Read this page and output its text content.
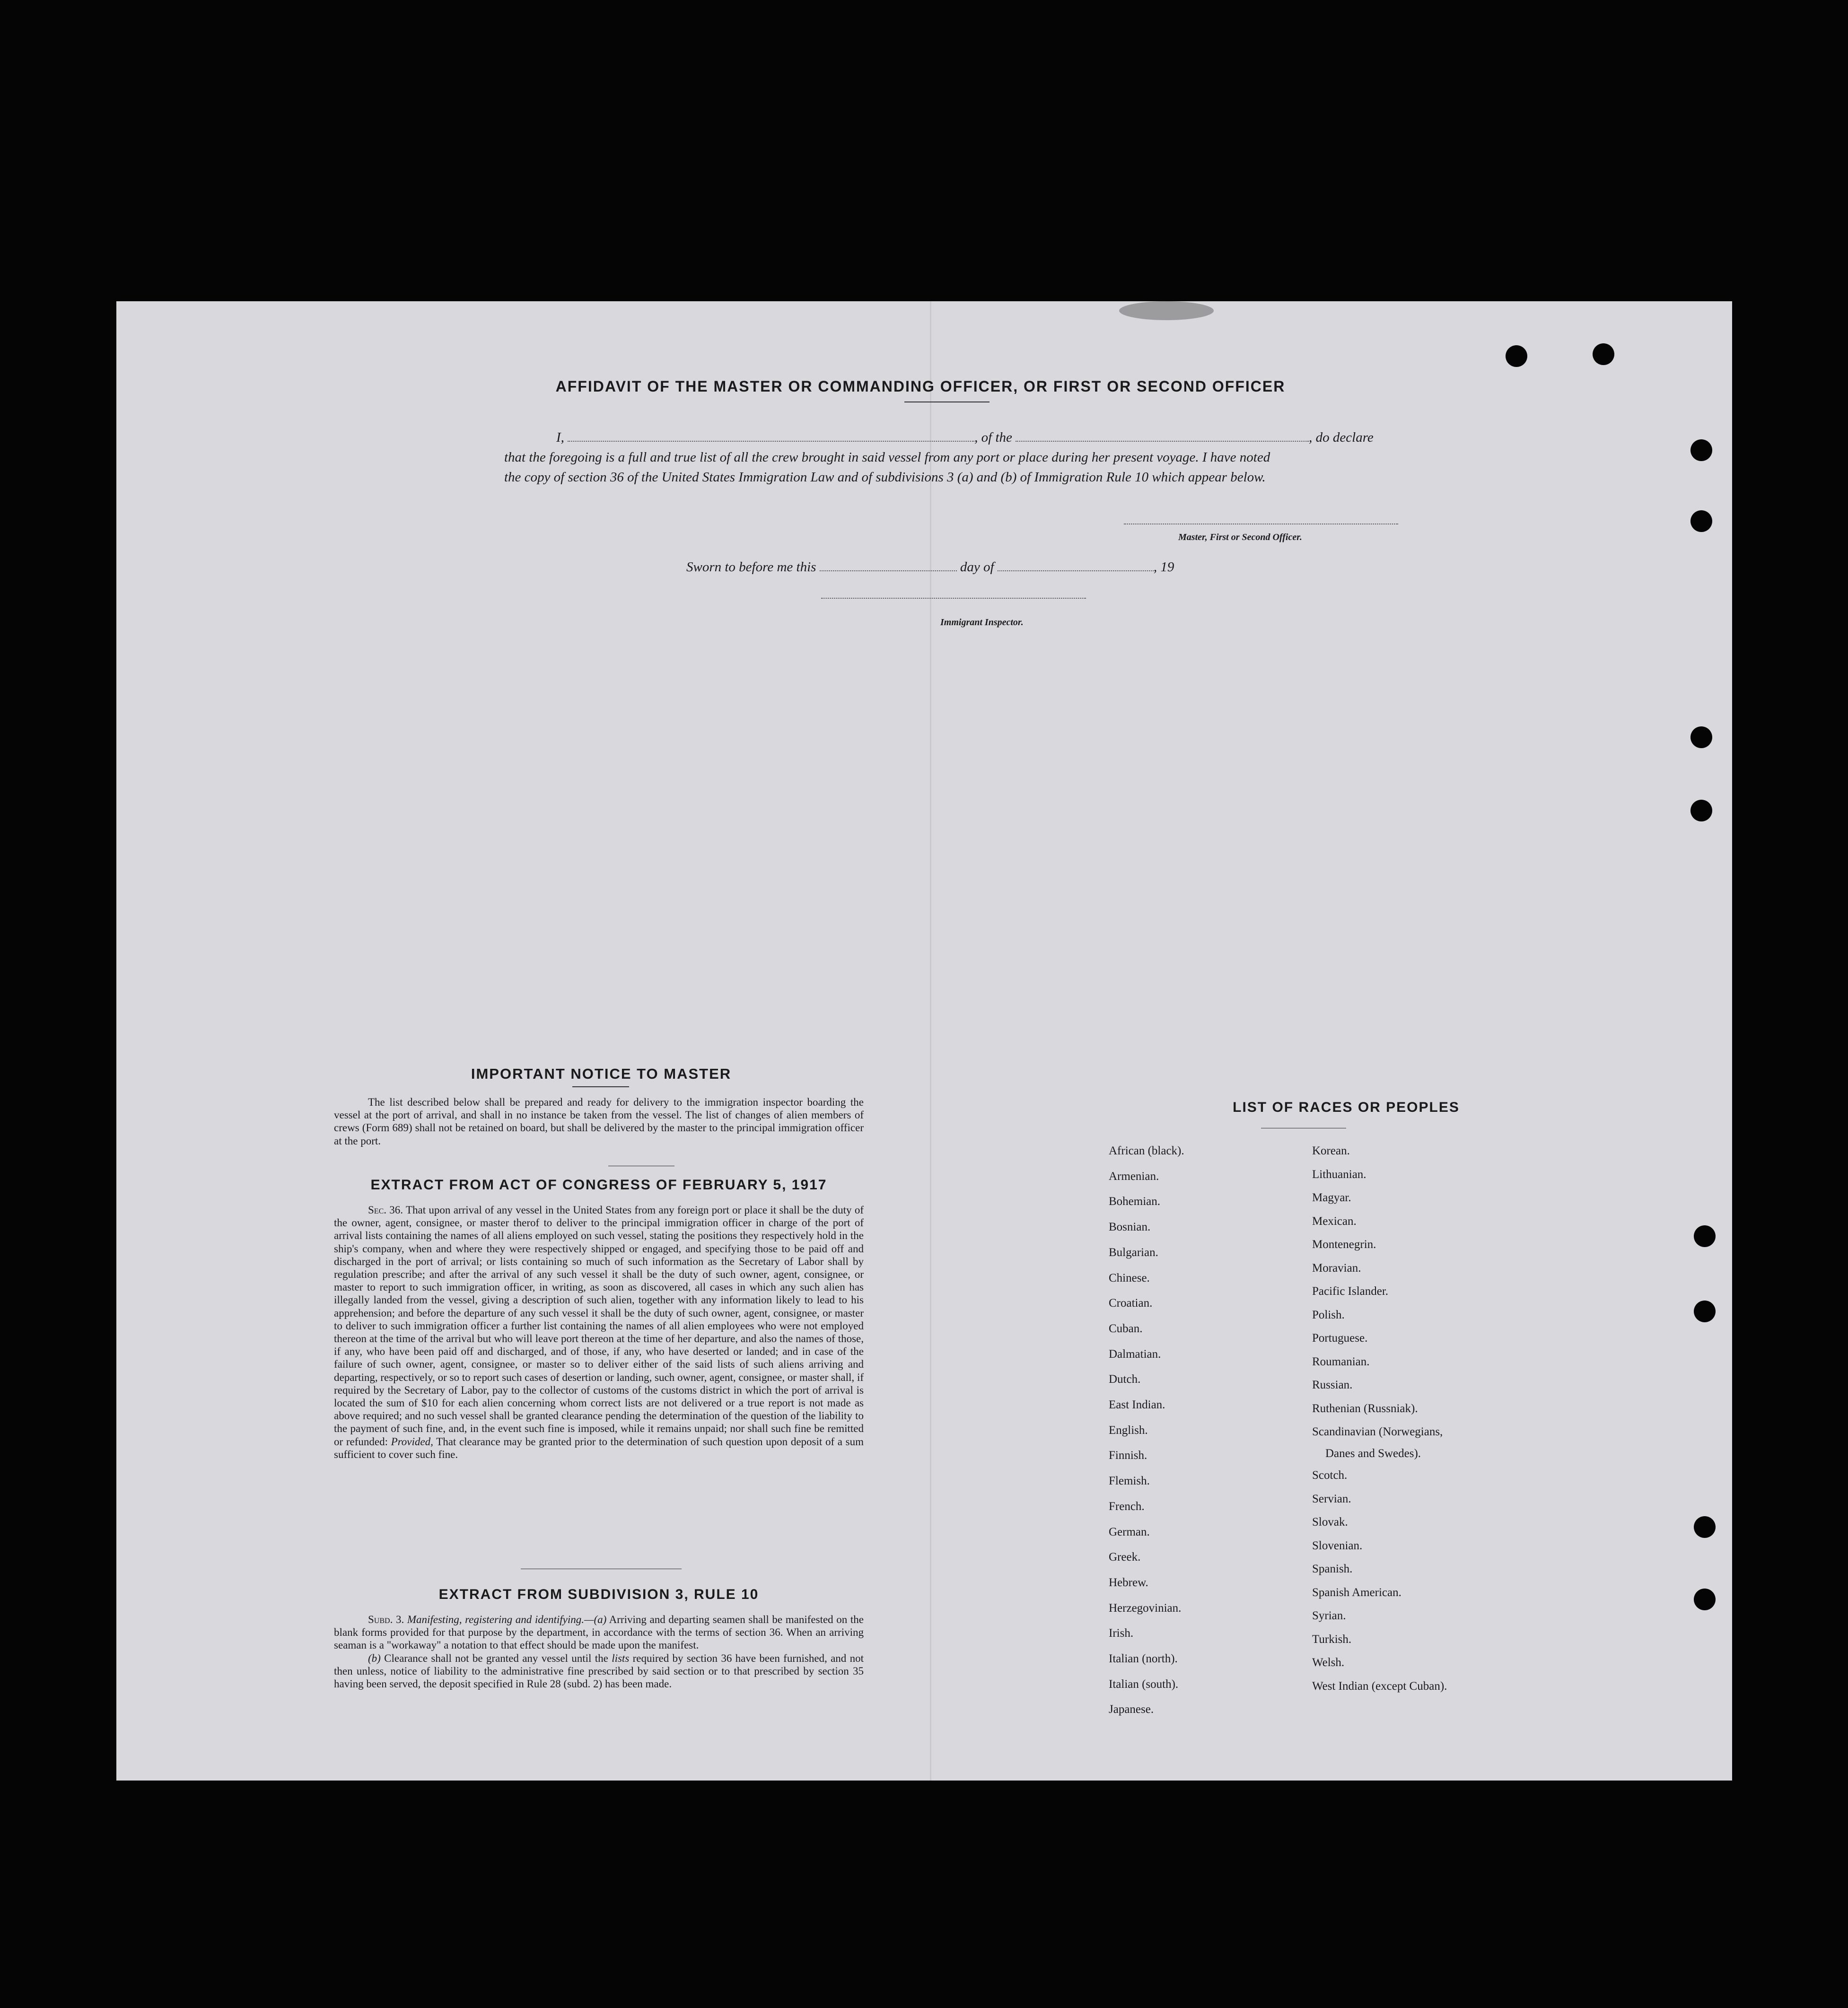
AFFIDAVIT OF THE MASTER OR COMMANDING OFFICER, OR FIRST OR SECOND OFFICER
I,	, of the	, do declare
that the foregoing is a full and true list of all the crew brought in said vessel from any port or place during her present voyage. I have noted
the copy of section 36 of the United States Immigration Law and of subdivisions 3 (a) and (b) of Immigration Rule 10 which appear below.
Master, First or Second Officer.
Sworn to before me this	day of	, 19
Immigrant Inspector.
IMPORTANT NOTICE TO MASTER

The list described below shall be prepared and ready for delivery to the immigration inspector boarding the vessel at the port of arrival, and shall in no instance be taken from the vessel. The list of changes of alien members of crews (Form 689) shall not be retained on board, but shall be delivered by the master to the principal immigration officer at the port.

EXTRACT FROM ACT OF CONGRESS OF FEBRUARY 5, 1917

Sec. 36. That upon arrival of any vessel in the United States from any foreign port or place it shall be the duty of the owner, agent, consignee, or master therof to deliver to the principal immigration officer in charge of the port of arrival lists containing the names of all aliens employed on such vessel, stating the positions they respectively hold in the ship's company, when and where they were respectively shipped or engaged, and specifying those to be paid off and discharged in the port of arrival; or lists containing so much of such information as the Secretary of Labor shall by regulation prescribe; and after the arrival of any such vessel it shall be the duty of such owner, agent, consignee, or master to report to such immigration officer, in writing, as soon as discovered, all cases in which any such alien has illegally landed from the vessel, giving a description of such alien, together with any information likely to lead to his apprehension; and before the departure of any such vessel it shall be the duty of such owner, agent, consignee, or master to deliver to such immigration officer a further list containing the names of all alien employees who were not employed thereon at the time of the arrival but who will leave port thereon at the time of her departure, and also the names of those, if any, who have been paid off and discharged, and of those, if any, who have deserted or landed; and in case of the failure of such owner, agent, consignee, or master so to deliver either of the said lists of such aliens arriving and departing, respectively, or so to report such cases of desertion or landing, such owner, agent, consignee, or master shall, if required by the Secretary of Labor, pay to the collector of customs of the customs district in which the port of arrival is located the sum of $10 for each alien concerning whom correct lists are not delivered or a true report is not made as above required; and no such vessel shall be granted clearance pending the determination of the question of the liability to the payment of such fine, and, in the event such fine is imposed, while it remains unpaid; nor shall such fine be remitted or refunded: Provided, That clearance may be granted prior to the determination of such question upon deposit of a sum sufficient to cover such fine.

EXTRACT FROM SUBDIVISION 3, RULE 10

Subd. 3. Manifesting, registering and identifying.—(a) Arriving and departing seamen shall be manifested on the blank forms provided for that purpose by the department, in accordance with the terms of section 36. When an arriving seaman is a "workaway" a notation to that effect should be made upon the manifest.

(b) Clearance shall not be granted any vessel until the lists required by section 36 have been furnished, and not then unless, notice of liability to the administrative fine prescribed by said section or to that prescribed by section 35 having been served, the deposit specified in Rule 28 (subd. 2) has been made.

LIST OF RACES OR PEOPLES
African (black).
Armenian.
Bohemian.
Bosnian.
Bulgarian.
Chinese.
Croatian.
Cuban.
Dalmatian.
Dutch.
East Indian.
English.
Finnish.
Flemish.
French.
German.
Greek.
Hebrew.
Herzegovinian.
Irish.
Italian (north).
Italian (south).
Japanese.
Korean.
Lithuanian.
Magyar.
Mexican.
Montenegrin.
Moravian.
Pacific Islander.
Polish.
Portuguese.
Roumanian.
Russian.
Ruthenian (Russniak).
Scandinavian (Norwegians,
Danes and Swedes).
Scotch.
Servian.
Slovak.
Slovenian.
Spanish.
Spanish American.
Syrian.
Turkish.
Welsh.
West Indian (except Cuban).
